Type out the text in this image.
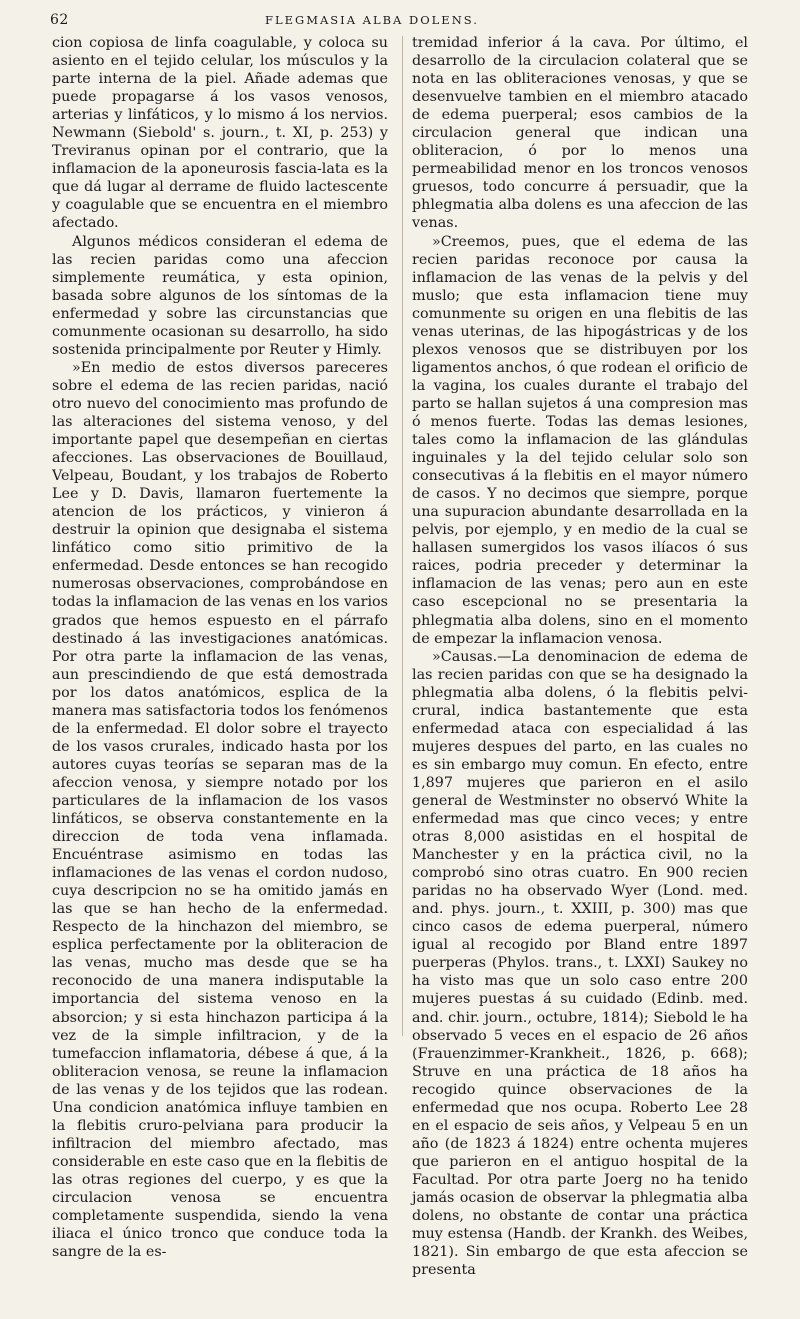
62	FLEGMASIA ALBA DOLENS.

cion copiosa de linfa coagulable, y coloca su asiento en el tejido celular, los músculos y la parte interna de la piel. Añade ademas que puede propagarse á los vasos venosos, arterias y linfáticos, y lo mismo á los nervios. Newmann (Siebold' s. journ., t. XI, p. 253) y Treviranus opinan por el contrario, que la inflamacion de la aponeurosis fascia-lata es la que dá lugar al derrame de fluido lactescente y coagulable que se encuentra en el miembro afectado.

Algunos médicos consideran el edema de las recien paridas como una afeccion simplemente reumática, y esta opinion, basada sobre algunos de los síntomas de la enfermedad y sobre las circunstancias que comunmente ocasionan su desarrollo, ha sido sostenida principalmente por Reuter y Himly.

»En medio de estos diversos pareceres sobre el edema de las recien paridas, nació otro nuevo del conocimiento mas profundo de las alteraciones del sistema venoso, y del importante papel que desempeñan en ciertas afecciones. Las observaciones de Bouillaud, Velpeau, Boudant, y los trabajos de Roberto Lee y D. Davis, llamaron fuertemente la atencion de los prácticos, y vinieron á destruir la opinion que designaba el sistema linfático como sitio primitivo de la enfermedad. Desde entonces se han recogido numerosas observaciones, comprobándose en todas la inflamacion de las venas en los varios grados que hemos espuesto en el párrafo destinado á las investigaciones anatómicas. Por otra parte la inflamacion de las venas, aun prescindiendo de que está demostrada por los datos anatómicos, esplica de la manera mas satisfactoria todos los fenómenos de la enfermedad. El dolor sobre el trayecto de los vasos crurales, indicado hasta por los autores cuyas teorías se separan mas de la afeccion venosa, y siempre notado por los particulares de la inflamacion de los vasos linfáticos, se observa constantemente en la direccion de toda vena inflamada. Encuéntrase asimismo en todas las inflamaciones de las venas el cordon nudoso, cuya descripcion no se ha omitido jamás en las que se han hecho de la enfermedad. Respecto de la hinchazon del miembro, se esplica perfectamente por la obliteracion de las venas, mucho mas desde que se ha reconocido de una manera indisputable la importancia del sistema venoso en la absorcion; y si esta hinchazon participa á la vez de la simple infiltracion, y de la tumefaccion inflamatoria, débese á que, á la obliteracion venosa, se reune la inflamacion de las venas y de los tejidos que las rodean. Una condicion anatómica influye tambien en la flebitis cruro-pelviana para producir la infiltracion del miembro afectado, mas considerable en este caso que en la flebitis de las otras regiones del cuerpo, y es que la circulacion venosa se encuentra completamente suspendida, siendo la vena iliaca el único tronco que conduce toda la sangre de la es-

tremidad inferior á la cava. Por último, el desarrollo de la circulacion colateral que se nota en las obliteraciones venosas, y que se desenvuelve tambien en el miembro atacado de edema puerperal; esos cambios de la circulacion general que indican una obliteracion, ó por lo menos una permeabilidad menor en los troncos venosos gruesos, todo concurre á persuadir, que la phlegmatia alba dolens es una afeccion de las venas.

»Creemos, pues, que el edema de las recien paridas reconoce por causa la inflamacion de las venas de la pelvis y del muslo; que esta inflamacion tiene muy comunmente su origen en una flebitis de las venas uterinas, de las hipogástricas y de los plexos venosos que se distribuyen por los ligamentos anchos, ó que rodean el orificio de la vagina, los cuales durante el trabajo del parto se hallan sujetos á una compresion mas ó menos fuerte. Todas las demas lesiones, tales como la inflamacion de las glándulas inguinales y la del tejido celular solo son consecutivas á la flebitis en el mayor número de casos. Y no decimos que siempre, porque una supuracion abundante desarrollada en la pelvis, por ejemplo, y en medio de la cual se hallasen sumergidos los vasos ilíacos ó sus raices, podria preceder y determinar la inflamacion de las venas; pero aun en este caso escepcional no se presentaria la phlegmatia alba dolens, sino en el momento de empezar la inflamacion venosa.

»Causas.—La denominacion de edema de las recien paridas con que se ha designado la phlegmatia alba dolens, ó la flebitis pelvi-crural, indica bastantemente que esta enfermedad ataca con especialidad á las mujeres despues del parto, en las cuales no es sin embargo muy comun. En efecto, entre 1,897 mujeres que parieron en el asilo general de Westminster no observó White la enfermedad mas que cinco veces; y entre otras 8,000 asistidas en el hospital de Manchester y en la práctica civil, no la comprobó sino otras cuatro. En 900 recien paridas no ha observado Wyer (Lond. med. and. phys. journ., t. XXIII, p. 300) mas que cinco casos de edema puerperal, número igual al recogido por Bland entre 1897 puerperas (Phylos. trans., t. LXXI) Saukey no ha visto mas que un solo caso entre 200 mujeres puestas á su cuidado (Edinb. med. and. chir. journ., octubre, 1814); Siebold le ha observado 5 veces en el espacio de 26 años (Frauenzimmer-Krankheit., 1826, p. 668); Struve en una práctica de 18 años ha recogido quince observaciones de la enfermedad que nos ocupa. Roberto Lee 28 en el espacio de seis años, y Velpeau 5 en un año (de 1823 á 1824) entre ochenta mujeres que parieron en el antiguo hospital de la Facultad. Por otra parte Joerg no ha tenido jamás ocasion de observar la phlegmatia alba dolens, no obstante de contar una práctica muy estensa (Handb. der Krankh. des Weibes, 1821). Sin embargo de que esta afeccion se presenta
